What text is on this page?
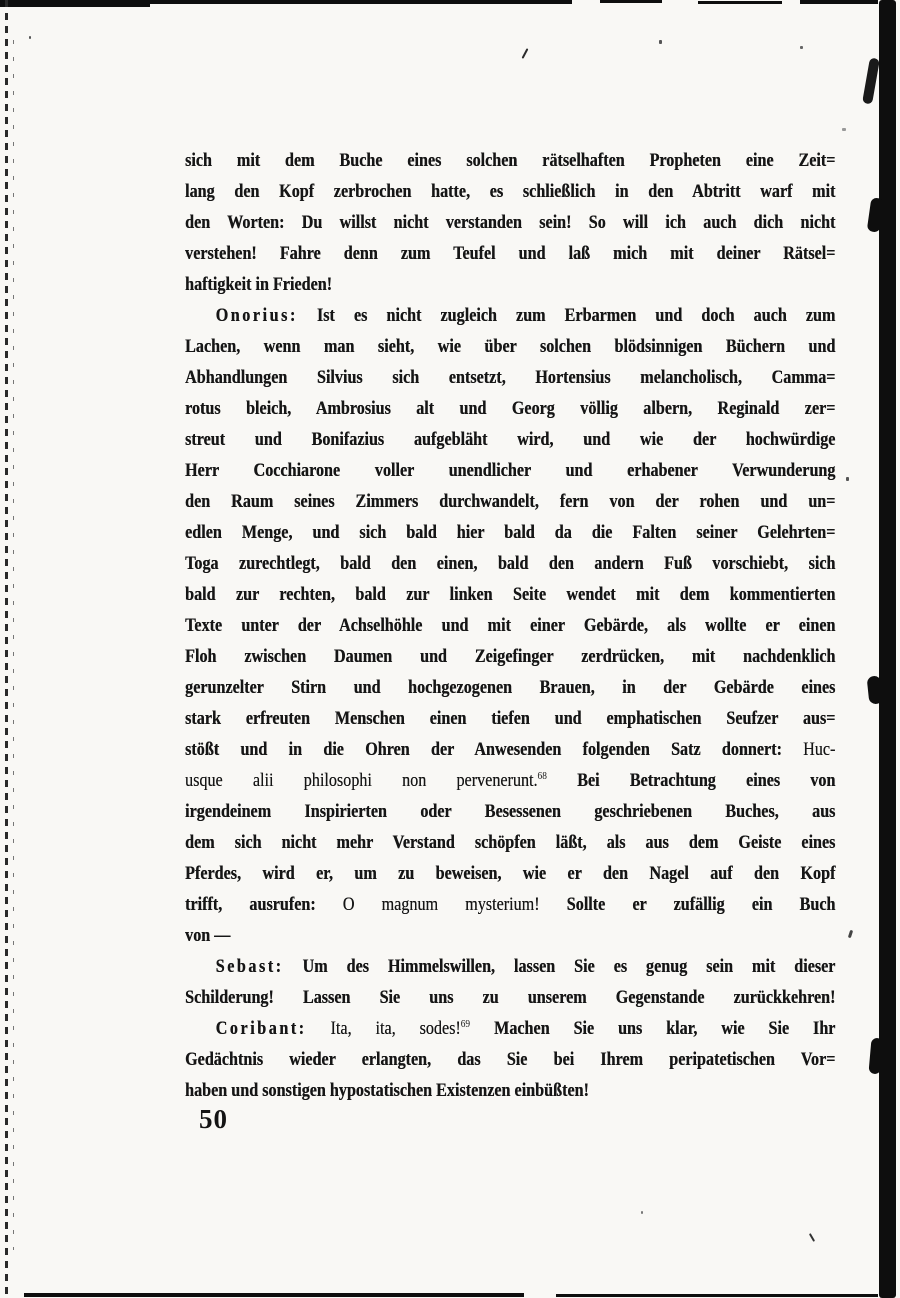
sich mit dem Buche eines solchen rätselhaften Propheten eine Zeit=
lang den Kopf zerbrochen hatte, es schließlich in den Abtritt warf mit
den Worten: Du willst nicht verstanden sein! So will ich auch dich nicht
verstehen! Fahre denn zum Teufel und laß mich mit deiner Rätsel=
haftigkeit in Frieden!
Onorius: Ist es nicht zugleich zum Erbarmen und doch auch zum
Lachen, wenn man sieht, wie über solchen blödsinnigen Büchern und
Abhandlungen Silvius sich entsetzt, Hortensius melancholisch, Camma=
rotus bleich, Ambrosius alt und Georg völlig albern, Reginald zer=
streut und Bonifazius aufgebläht wird, und wie der hochwürdige
Herr Cocchiarone voller unendlicher und erhabener Verwunderung
den Raum seines Zimmers durchwandelt, fern von der rohen und un=
edlen Menge, und sich bald hier bald da die Falten seiner Gelehrten=
Toga zurechtlegt, bald den einen, bald den andern Fuß vorschiebt, sich
bald zur rechten, bald zur linken Seite wendet mit dem kommentierten
Texte unter der Achselhöhle und mit einer Gebärde, als wollte er einen
Floh zwischen Daumen und Zeigefinger zerdrücken, mit nachdenklich
gerunzelter Stirn und hochgezogenen Brauen, in der Gebärde eines
stark erfreuten Menschen einen tiefen und emphatischen Seufzer aus=
stößt und in die Ohren der Anwesenden folgenden Satz donnert: Huc-
usque alii philosophi non pervenerunt.$^{68}$ Bei Betrachtung eines von
irgendeinem Inspirierten oder Besessenen geschriebenen Buches, aus
dem sich nicht mehr Verstand schöpfen läßt, als aus dem Geiste eines
Pferdes, wird er, um zu beweisen, wie er den Nagel auf den Kopf
trifft, ausrufen: O magnum mysterium! Sollte er zufällig ein Buch
von —
Sebast: Um des Himmelswillen, lassen Sie es genug sein mit dieser
Schilderung! Lassen Sie uns zu unserem Gegenstande zurückkehren!
Coribant: Ita, ita, sodes!$^{69}$ Machen Sie uns klar, wie Sie Ihr
Gedächtnis wieder erlangten, das Sie bei Ihrem peripatetischen Vor=
haben und sonstigen hypostatischen Existenzen einbüßten!
50
